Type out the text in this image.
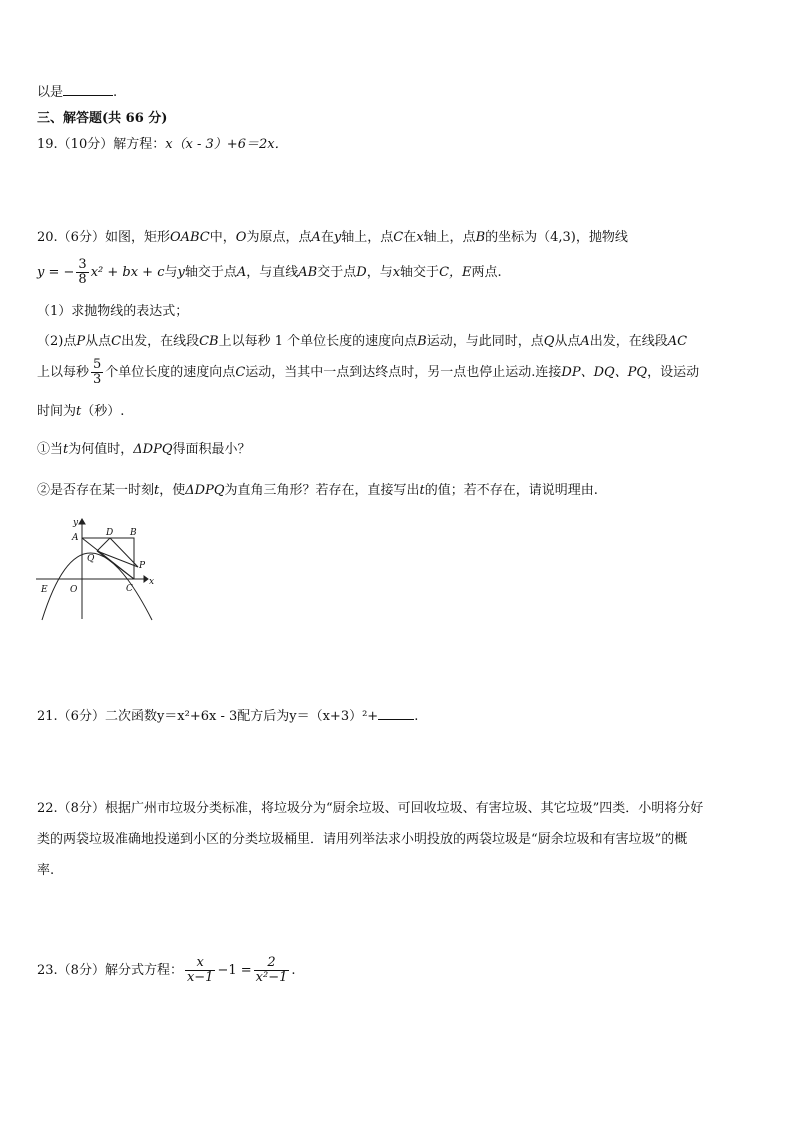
以是	.
三、解答题(共 66 分)
19.（10分）解方程：x（x - 3）+6＝2x．
20.（6分）如图，矩形OABC中，O为原点，点A在y轴上，点C在x轴上，点B的坐标为（4,3)，抛物线
y = − $\frac{3}{8} x^2$ + bx + c与y轴交于点A，与直线AB交于点D，与x轴交于C，E两点.
（1）求抛物线的表达式；
（2)点P从点C出发，在线段CB上以每秒 1 个单位长度的速度向点B运动，与此同时，点Q从点A出发，在线段AC
上以每秒 $\frac{5}{3}$ 个单位长度的速度向点C运动，当其中一点到达终点时，另一点也停止运动.连接DP、DQ、PQ，设运动
时间为t（秒）.
①当t为何值时，ΔDPQ得面积最小？
②是否存在某一时刻t，使ΔDPQ为直角三角形？若存在，直接写出t的值；若不存在，请说明理由.
y
x
A	D B
Q
P
E O	C
21.（6分）二次函数y＝x²+6x - 3配方后为y＝（x+3）²+	.
22.（8分）根据广州市垃圾分类标准，将垃圾分为“厨余垃圾、可回收垃圾、有害垃圾、其它垃圾”四类．小明将分好
类的两袋垃圾准确地投递到小区的分类垃圾桶里．请用列举法求小明投放的两袋垃圾是“厨余垃圾和有害垃圾”的概
率.
23.（8分）解分式方程： $\frac{x}{x-1} -1 = \frac{2}{\text{x²−1}}$ .
